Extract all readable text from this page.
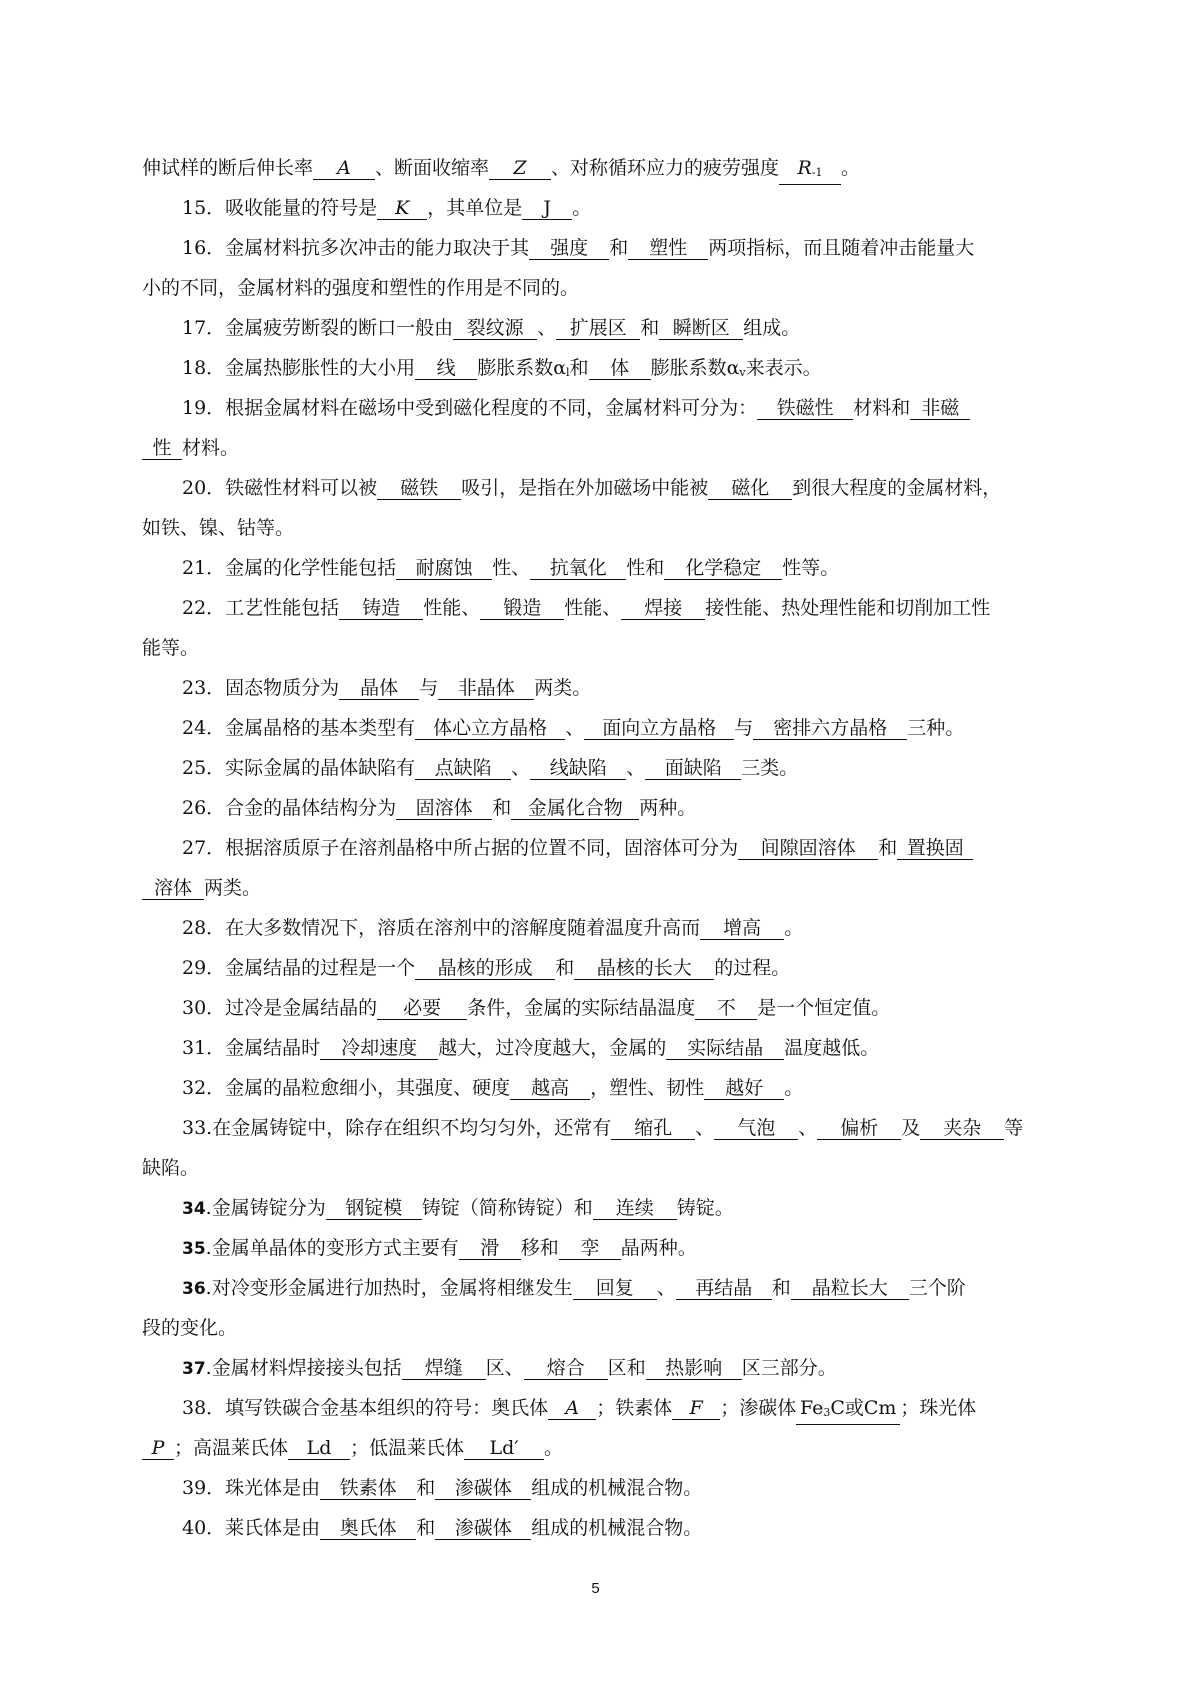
伸试样的断后伸长率 A 、断面收缩率 Z 、对称循环应力的疲劳强度 R-1 。
15．吸收能量的符号是 K ，其单位是 J 。
16．金属材料抗多次冲击的能力取决于其 强度 和 塑性 两项指标，而且随着冲击能量大
小的不同，金属材料的强度和塑性的作用是不同的。
17．金属疲劳断裂的断口一般由 裂纹源 、 扩展区 和 瞬断区 组成。
18．金属热膨胀性的大小用 线 膨胀系数αl和 体 膨胀系数αv来表示。
19．根据金属材料在磁场中受到磁化程度的不同，金属材料可分为： 铁磁性 材料和 非磁
性 材料。
20．铁磁性材料可以被 磁铁 吸引，是指在外加磁场中能被 磁化 到很大程度的金属材料，
如铁、镍、钴等。
21．金属的化学性能包括 耐腐蚀 性、 抗氧化 性和 化学稳定 性等。
22．工艺性能包括 铸造 性能、 锻造 性能、 焊接 接性能、热处理性能和切削加工性
能等。
23．固态物质分为 晶体 与 非晶体 两类。
24．金属晶格的基本类型有 体心立方晶格 、 面向立方晶格 与 密排六方晶格 三种。
25．实际金属的晶体缺陷有 点缺陷 、 线缺陷 、 面缺陷 三类。
26．合金的晶体结构分为 固溶体 和 金属化合物 两种。
27．根据溶质原子在溶剂晶格中所占据的位置不同，固溶体可分为 间隙固溶体 和 置换固
溶体 两类。
28．在大多数情况下，溶质在溶剂中的溶解度随着温度升高而 增高 。
29．金属结晶的过程是一个 晶核的形成 和 晶核的长大 的过程。
30．过冷是金属结晶的 必要 条件，金属的实际结晶温度 不 是一个恒定值。
31．金属结晶时 冷却速度 越大，过冷度越大，金属的 实际结晶 温度越低。
32．金属的晶粒愈细小，其强度、硬度 越高 ，塑性、韧性 越好 。
33.在金属铸锭中，除存在组织不均匀匀外，还常有 缩孔 、 气泡 、 偏析 及 夹杂 等
缺陷。
34.金属铸锭分为 钢锭模 铸锭（简称铸锭）和 连续 铸锭。
35.金属单晶体的变形方式主要有 滑 移和 孪 晶两种。
36.对冷变形金属进行加热时，金属将相继发生 回复 、 再结晶 和 晶粒长大 三个阶
段的变化。
37.金属材料焊接接头包括 焊缝 区、 熔合 区和 热影响 区三部分。
38．填写铁碳合金基本组织的符号：奥氏体 A ；铁素体 F ；渗碳体 Fe3C或Cm ；珠光体
P ；高温莱氏体 Ld ；低温莱氏体 Ld′ 。
39．珠光体是由 铁素体 和 渗碳体 组成的机械混合物。
40．莱氏体是由 奥氏体 和 渗碳体 组成的机械混合物。
5
